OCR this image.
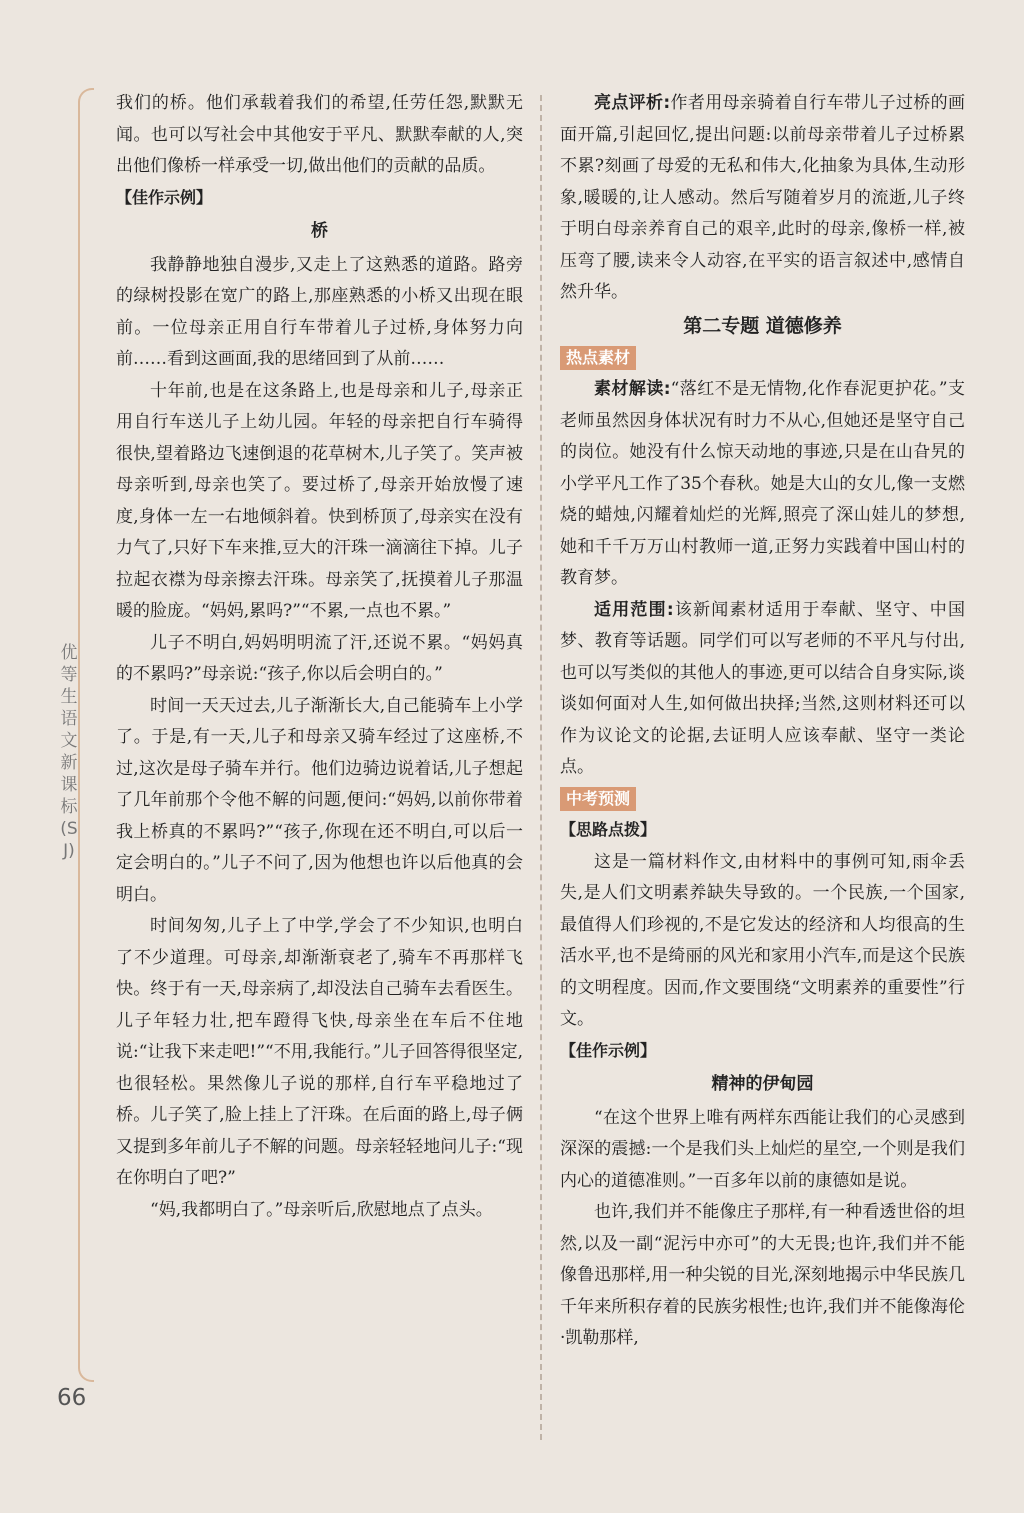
优等生 语文 新课标(SJ)
66

我们的桥。他们承载着我们的希望,任劳任怨,默默无闻。也可以写社会中其他安于平凡、默默奉献的人,突出他们像桥一样承受一切,做出他们的贡献的品质。

【佳作示例】
桥

我静静地独自漫步,又走上了这熟悉的道路。路旁的绿树投影在宽广的路上,那座熟悉的小桥又出现在眼前。一位母亲正用自行车带着儿子过桥,身体努力向前……看到这画面,我的思绪回到了从前……

十年前,也是在这条路上,也是母亲和儿子,母亲正用自行车送儿子上幼儿园。年轻的母亲把自行车骑得很快,望着路边飞速倒退的花草树木,儿子笑了。笑声被母亲听到,母亲也笑了。要过桥了,母亲开始放慢了速度,身体一左一右地倾斜着。快到桥顶了,母亲实在没有力气了,只好下车来推,豆大的汗珠一滴滴往下掉。儿子拉起衣襟为母亲擦去汗珠。母亲笑了,抚摸着儿子那温暖的脸庞。“妈妈,累吗?”“不累,一点也不累。”

儿子不明白,妈妈明明流了汗,还说不累。“妈妈真的不累吗?”母亲说:“孩子,你以后会明白的。”

时间一天天过去,儿子渐渐长大,自己能骑车上小学了。于是,有一天,儿子和母亲又骑车经过了这座桥,不过,这次是母子骑车并行。他们边骑边说着话,儿子想起了几年前那个令他不解的问题,便问:“妈妈,以前你带着我上桥真的不累吗?”“孩子,你现在还不明白,可以后一定会明白的。”儿子不问了,因为他想也许以后他真的会明白。

时间匆匆,儿子上了中学,学会了不少知识,也明白了不少道理。可母亲,却渐渐衰老了,骑车不再那样飞快。终于有一天,母亲病了,却没法自己骑车去看医生。儿子年轻力壮,把车蹬得飞快,母亲坐在车后不住地说:“让我下来走吧!”“不用,我能行。”儿子回答得很坚定,也很轻松。果然像儿子说的那样,自行车平稳地过了桥。儿子笑了,脸上挂上了汗珠。在后面的路上,母子俩又提到多年前儿子不解的问题。母亲轻轻地问儿子:“现在你明白了吧?”

“妈,我都明白了。”母亲听后,欣慰地点了点头。

亮点评析:作者用母亲骑着自行车带儿子过桥的画面开篇,引起回忆,提出问题:以前母亲带着儿子过桥累不累?刻画了母爱的无私和伟大,化抽象为具体,生动形象,暖暖的,让人感动。然后写随着岁月的流逝,儿子终于明白母亲养育自己的艰辛,此时的母亲,像桥一样,被压弯了腰,读来令人动容,在平实的语言叙述中,感情自然升华。

第二专题 道德修养
热点素材

素材解读:“落红不是无情物,化作春泥更护花。”支老师虽然因身体状况有时力不从心,但她还是坚守自己的岗位。她没有什么惊天动地的事迹,只是在山旮旯的小学平凡工作了35个春秋。她是大山的女儿,像一支燃烧的蜡烛,闪耀着灿烂的光辉,照亮了深山娃儿的梦想,她和千千万万山村教师一道,正努力实践着中国山村的教育梦。

适用范围:该新闻素材适用于奉献、坚守、中国梦、教育等话题。同学们可以写老师的不平凡与付出,也可以写类似的其他人的事迹,更可以结合自身实际,谈谈如何面对人生,如何做出抉择;当然,这则材料还可以作为议论文的论据,去证明人应该奉献、坚守一类论点。

中考预测
【思路点拨】

这是一篇材料作文,由材料中的事例可知,雨伞丢失,是人们文明素养缺失导致的。一个民族,一个国家,最值得人们珍视的,不是它发达的经济和人均很高的生活水平,也不是绮丽的风光和家用小汽车,而是这个民族的文明程度。因而,作文要围绕“文明素养的重要性”行文。

【佳作示例】
精神的伊甸园

“在这个世界上唯有两样东西能让我们的心灵感到深深的震撼:一个是我们头上灿烂的星空,一个则是我们内心的道德准则。”一百多年以前的康德如是说。

也许,我们并不能像庄子那样,有一种看透世俗的坦然,以及一副“泥污中亦可”的大无畏;也许,我们并不能像鲁迅那样,用一种尖锐的目光,深刻地揭示中华民族几千年来所积存着的民族劣根性;也许,我们并不能像海伦·凯勒那样,
